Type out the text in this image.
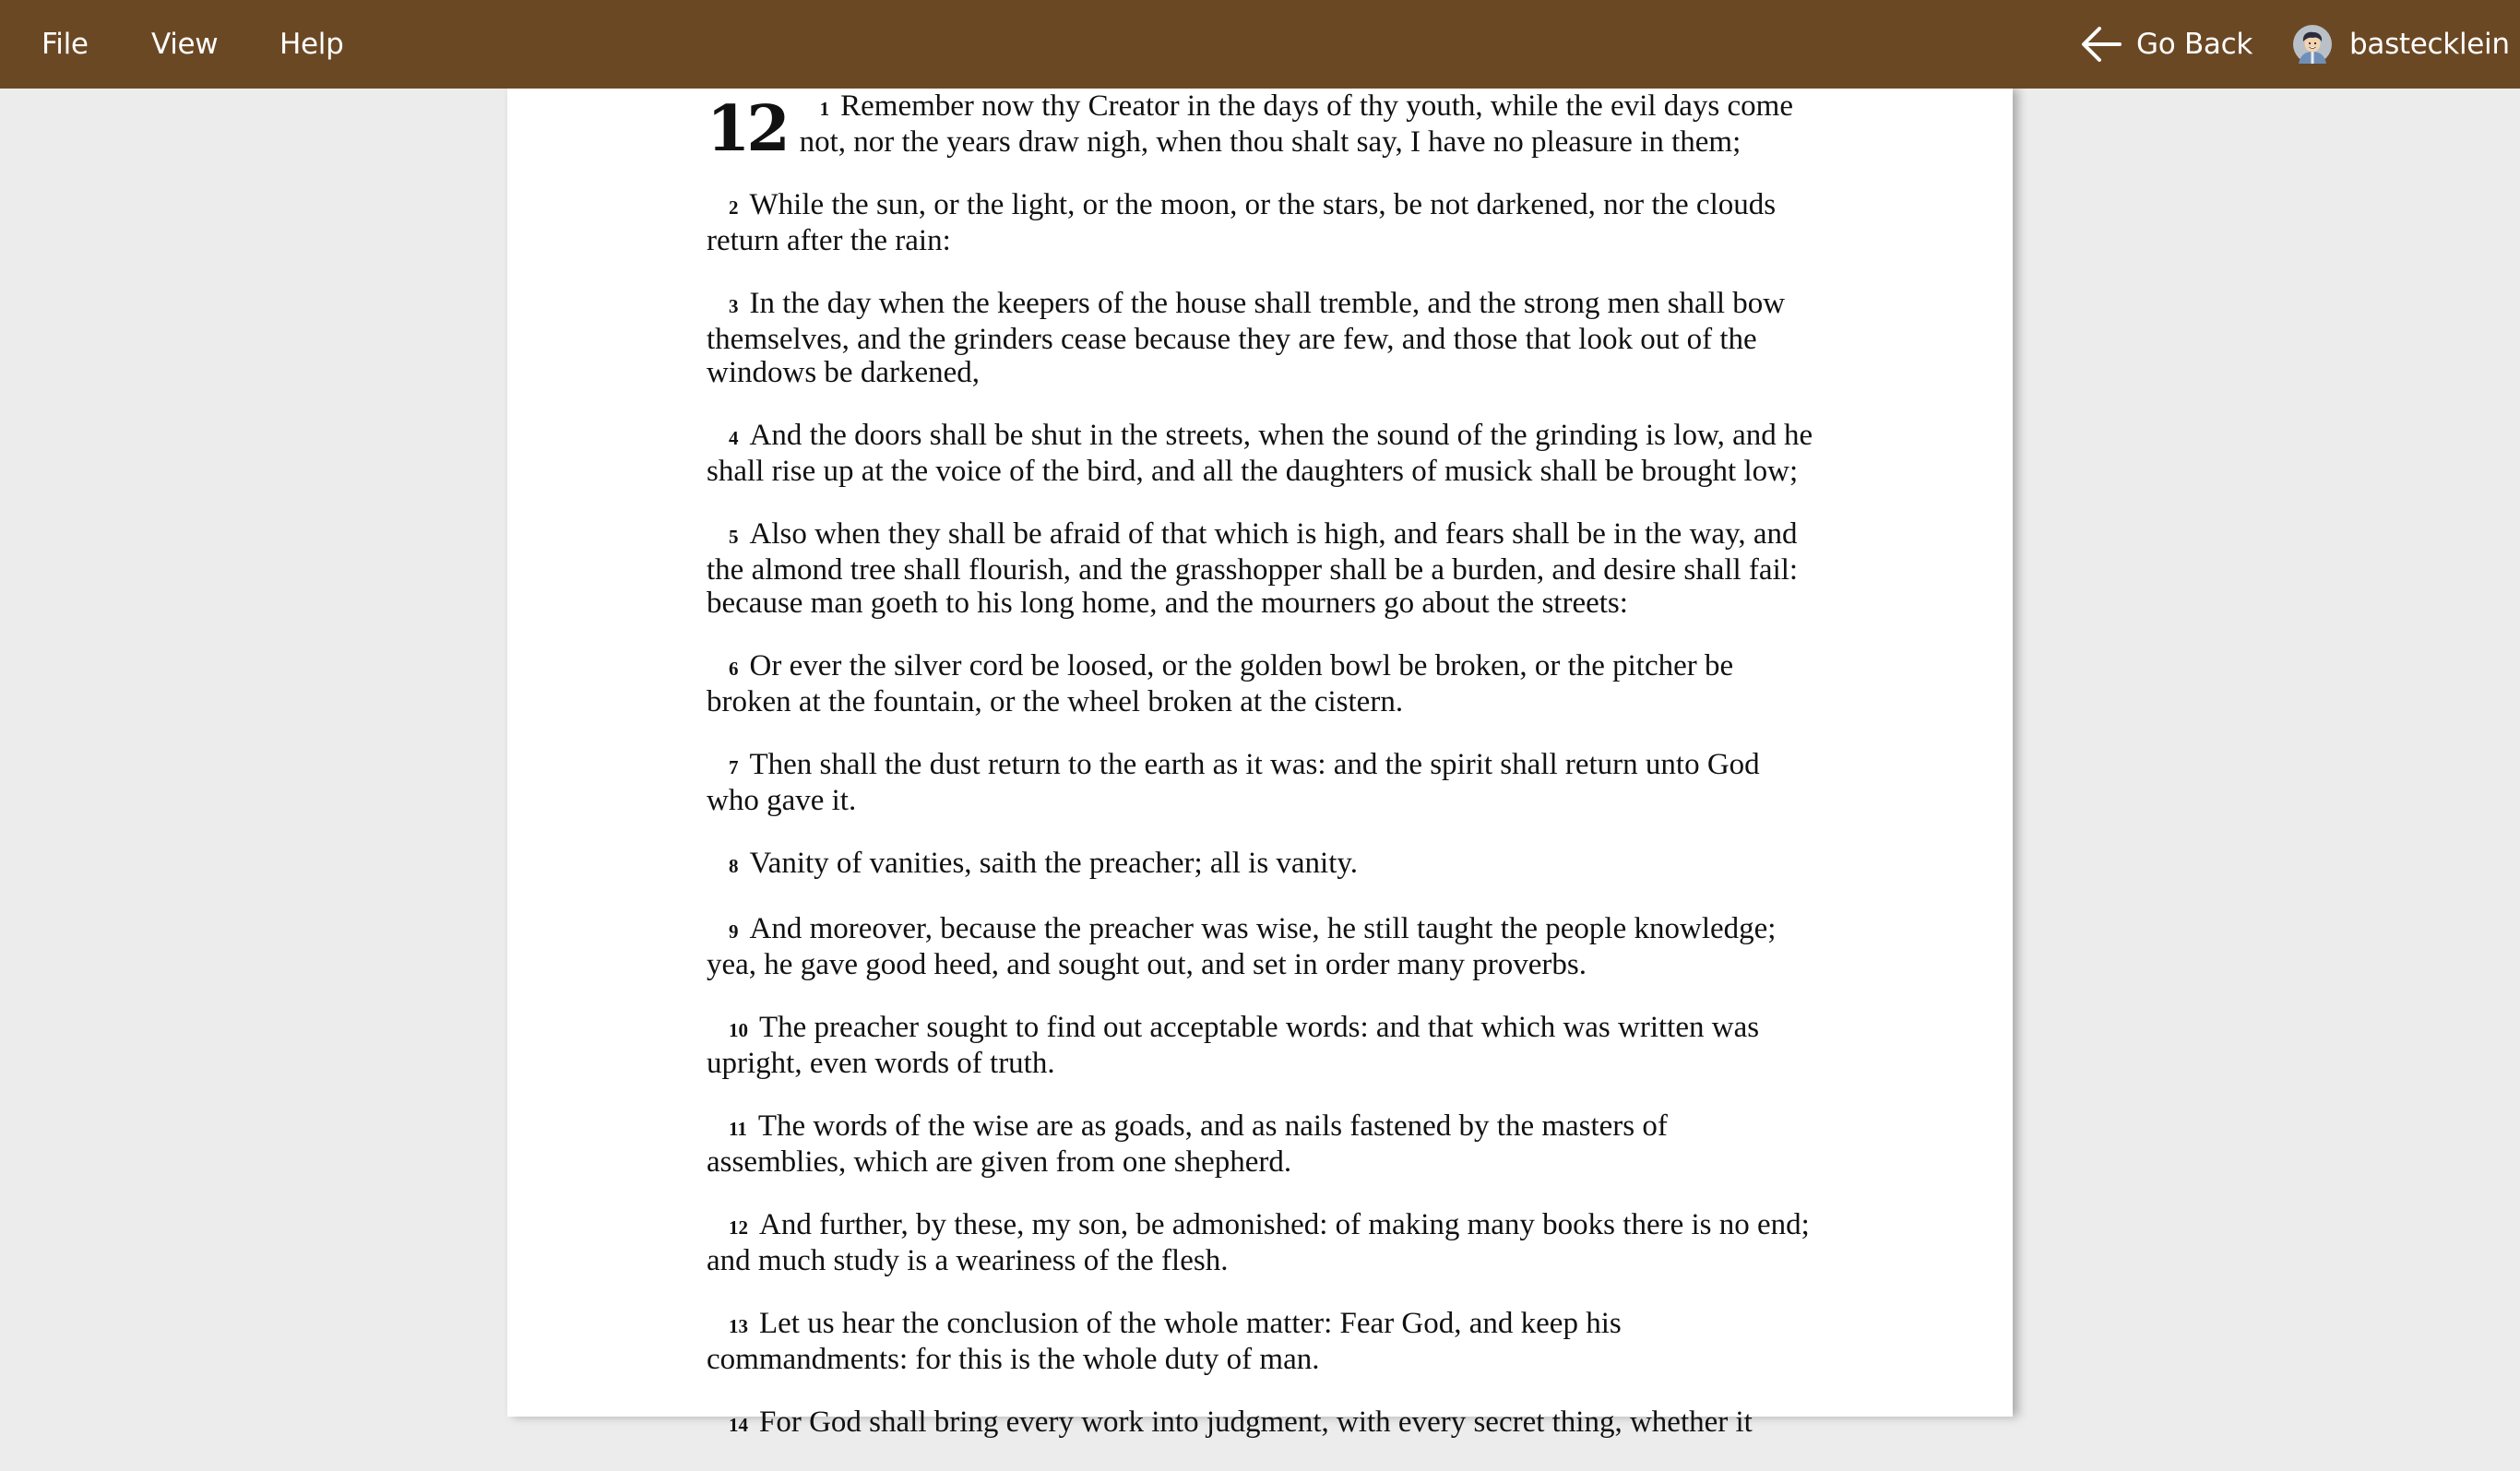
File View Help	Go Back	bastecklein
12	1 Remember now thy Creator in the days of thy youth, while the evil days come not, nor the years draw nigh, when thou shalt say, I have no pleasure in them;

2 While the sun, or the light, or the moon, or the stars, be not darkened, nor the clouds return after the rain:

3 In the day when the keepers of the house shall tremble, and the strong men shall bow themselves, and the grinders cease because they are few, and those that look out of the windows be darkened,

4 And the doors shall be shut in the streets, when the sound of the grinding is low, and he shall rise up at the voice of the bird, and all the daughters of musick shall be brought low;

5 Also when they shall be afraid of that which is high, and fears shall be in the way, and the almond tree shall flourish, and the grasshopper shall be a burden, and desire shall fail: because man goeth to his long home, and the mourners go about the streets:

6 Or ever the silver cord be loosed, or the golden bowl be broken, or the pitcher be broken at the fountain, or the wheel broken at the cistern.

7 Then shall the dust return to the earth as it was: and the spirit shall return unto God who gave it.

8 Vanity of vanities, saith the preacher; all is vanity.

9 And moreover, because the preacher was wise, he still taught the people knowledge; yea, he gave good heed, and sought out, and set in order many proverbs.

10 The preacher sought to find out acceptable words: and that which was written was upright, even words of truth.

11 The words of the wise are as goads, and as nails fastened by the masters of assemblies, which are given from one shepherd.

12 And further, by these, my son, be admonished: of making many books there is no end; and much study is a weariness of the flesh.

13 Let us hear the conclusion of the whole matter: Fear God, and keep his commandments: for this is the whole duty of man.

14 For God shall bring every work into judgment, with every secret thing, whether it
